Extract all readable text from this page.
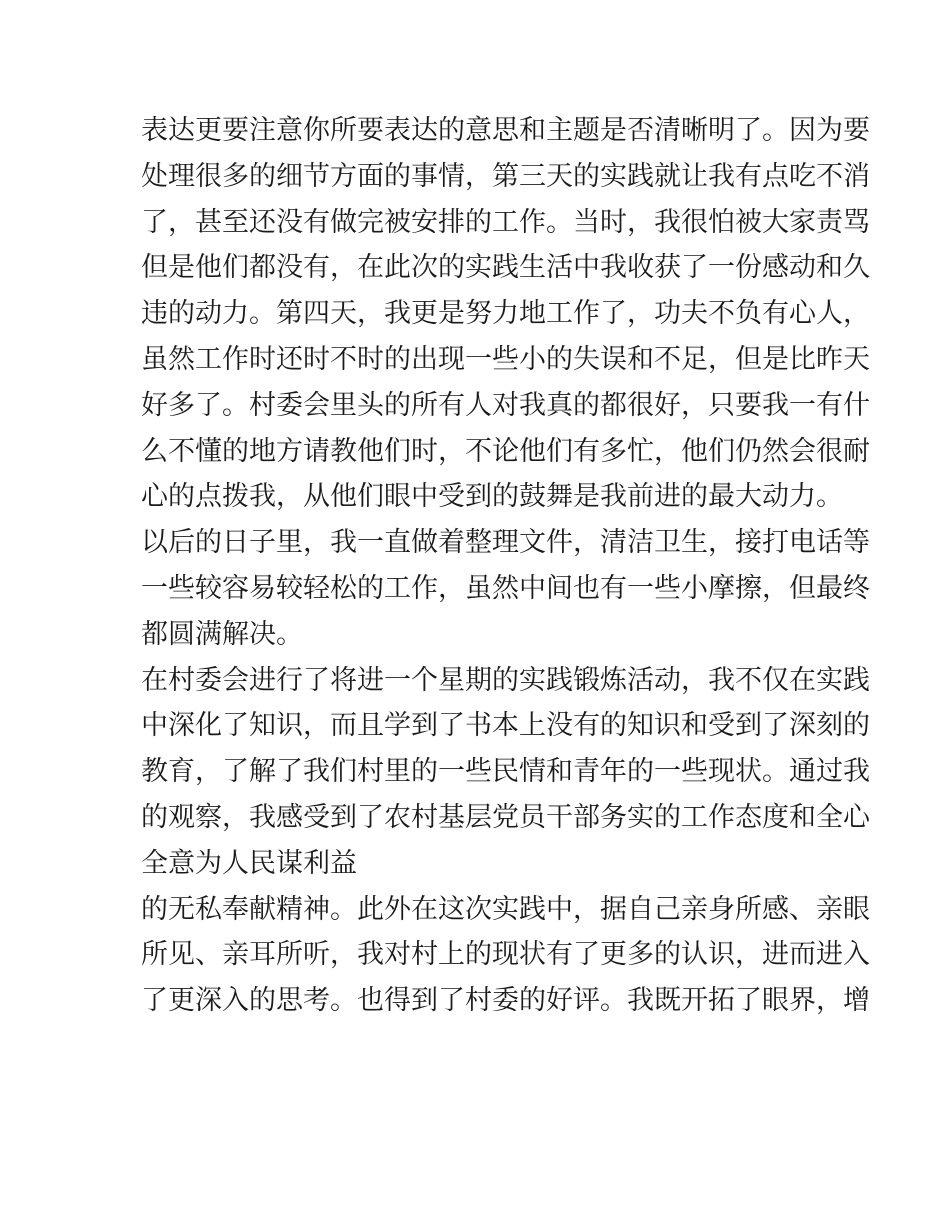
表达更要注意你所要表达的意思和主题是否清晰明了。因为要
处理很多的细节方面的事情，第三天的实践就让我有点吃不消
了，甚至还没有做完被安排的工作。当时，我很怕被大家责骂
但是他们都没有，在此次的实践生活中我收获了一份感动和久
违的动力。第四天，我更是努力地工作了，功夫不负有心人，
虽然工作时还时不时的出现一些小的失误和不足，但是比昨天
好多了。村委会里头的所有人对我真的都很好，只要我一有什
么不懂的地方请教他们时，不论他们有多忙，他们仍然会很耐
心的点拨我，从他们眼中受到的鼓舞是我前进的最大动力。
以后的日子里，我一直做着整理文件，清洁卫生，接打电话等
一些较容易较轻松的工作，虽然中间也有一些小摩擦，但最终
都圆满解决。
在村委会进行了将进一个星期的实践锻炼活动，我不仅在实践
中深化了知识，而且学到了书本上没有的知识和受到了深刻的
教育，了解了我们村里的一些民情和青年的一些现状。通过我
的观察，我感受到了农村基层党员干部务实的工作态度和全心
全意为人民谋利益
的无私奉献精神。此外在这次实践中，据自己亲身所感、亲眼
所见、亲耳所听，我对村上的现状有了更多的认识，进而进入
了更深入的思考。也得到了村委的好评。我既开拓了眼界，增
